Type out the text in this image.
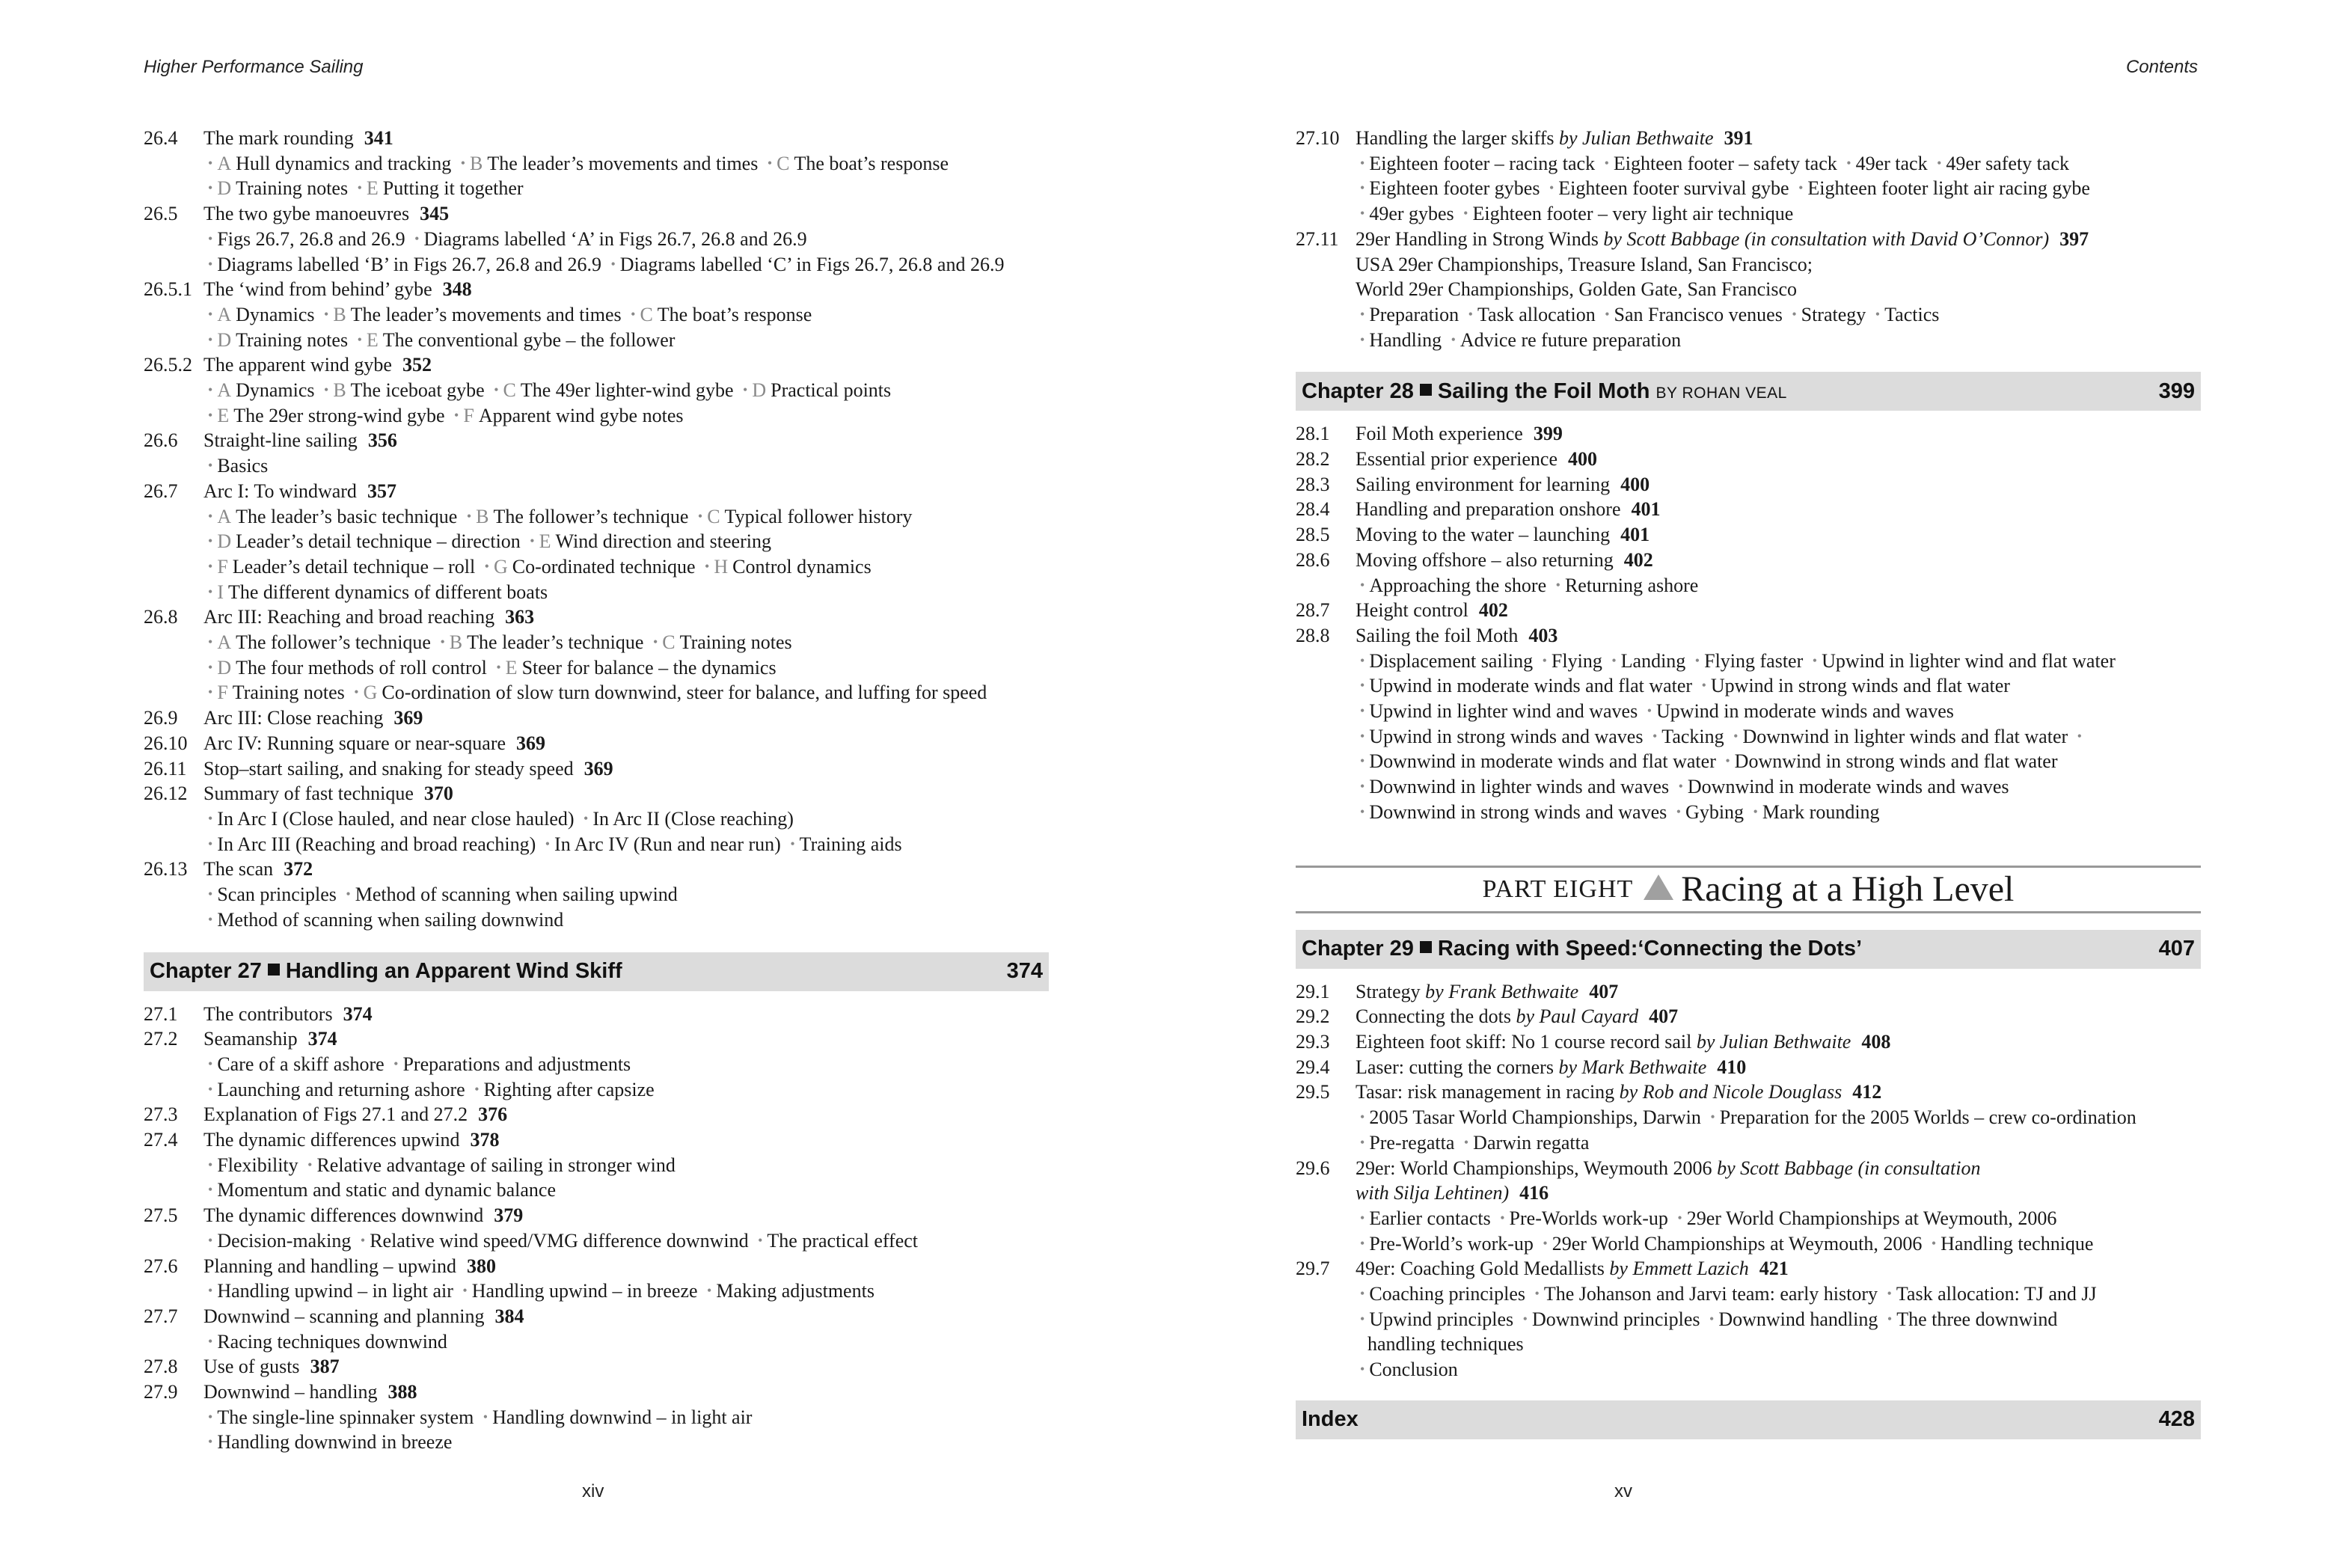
Higher Performance Sailing
26.4	The mark rounding 341
• A Hull dynamics and tracking • B The leader’s movements and times • C The boat’s response
• D Training notes • E Putting it together
26.5	The two gybe manoeuvres 345
• Figs 26.7, 26.8 and 26.9 • Diagrams labelled ‘A’ in Figs 26.7, 26.8 and 26.9
• Diagrams labelled ‘B’ in Figs 26.7, 26.8 and 26.9 • Diagrams labelled ‘C’ in Figs 26.7, 26.8 and 26.9
26.5.1 The ‘wind from behind’ gybe 348
• A Dynamics • B The leader’s movements and times • C The boat’s response
• D Training notes • E The conventional gybe – the follower
26.5.2 The apparent wind gybe 352
• A Dynamics • B The iceboat gybe • C The 49er lighter-wind gybe • D Practical points
• E The 29er strong-wind gybe • F Apparent wind gybe notes
26.6	Straight-line sailing 356
• Basics
26.7	Arc I: To windward 357
• A The leader’s basic technique • B The follower’s technique • C Typical follower history
• D Leader’s detail technique – direction • E Wind direction and steering
• F Leader’s detail technique – roll • G Co-ordinated technique • H Control dynamics
• I The different dynamics of different boats
26.8	Arc III: Reaching and broad reaching 363
• A The follower’s technique • B The leader’s technique • C Training notes
• D The four methods of roll control • E Steer for balance – the dynamics
• F Training notes • G Co-ordination of slow turn downwind, steer for balance, and luffing for speed
26.9	Arc III: Close reaching 369
26.10 Arc IV: Running square or near-square 369
26.11 Stop–start sailing, and snaking for steady speed 369
26.12 Summary of fast technique 370
• In Arc I (Close hauled, and near close hauled) • In Arc II (Close reaching)
• In Arc III (Reaching and broad reaching) • In Arc IV (Run and near run) • Training aids
26.13 The scan 372
• Scan principles • Method of scanning when sailing upwind
• Method of scanning when sailing downwind
Chapter 27 Handling an Apparent Wind Skiff	374
27.1	The contributors 374
27.2	Seamanship 374
• Care of a skiff ashore • Preparations and adjustments
• Launching and returning ashore • Righting after capsize
27.3	Explanation of Figs 27.1 and 27.2 376
27.4	The dynamic differences upwind 378
• Flexibility • Relative advantage of sailing in stronger wind
• Momentum and static and dynamic balance
27.5	The dynamic differences downwind 379
• Decision-making • Relative wind speed/VMG difference downwind • The practical effect
27.6	Planning and handling – upwind 380
• Handling upwind – in light air • Handling upwind – in breeze • Making adjustments
27.7	Downwind – scanning and planning 384
• Racing techniques downwind
27.8	Use of gusts 387
27.9	Downwind – handling 388
• The single-line spinnaker system • Handling downwind – in light air
• Handling downwind in breeze
xiv
Contents
27.10 Handling the larger skiffs by Julian Bethwaite 391
• Eighteen footer – racing tack • Eighteen footer – safety tack • 49er tack • 49er safety tack
• Eighteen footer gybes • Eighteen footer survival gybe • Eighteen footer light air racing gybe
• 49er gybes • Eighteen footer – very light air technique
27.11 29er Handling in Strong Winds by Scott Babbage (in consultation with David O’Connor) 397
USA 29er Championships, Treasure Island, San Francisco;
World 29er Championships, Golden Gate, San Francisco
• Preparation • Task allocation • San Francisco venues • Strategy • Tactics
• Handling • Advice re future preparation
Chapter 28 Sailing the Foil Moth BY ROHAN VEAL	399
28.1	Foil Moth experience 399
28.2	Essential prior experience 400
28.3	Sailing environment for learning 400
28.4	Handling and preparation onshore 401
28.5	Moving to the water – launching 401
28.6	Moving offshore – also returning 402
• Approaching the shore • Returning ashore
28.7	Height control 402
28.8	Sailing the foil Moth 403
• Displacement sailing • Flying • Landing • Flying faster • Upwind in lighter wind and flat water
• Upwind in moderate winds and flat water • Upwind in strong winds and flat water
• Upwind in lighter wind and waves • Upwind in moderate winds and waves
• Upwind in strong winds and waves • Tacking • Downwind in lighter winds and flat water •
• Downwind in moderate winds and flat water • Downwind in strong winds and flat water
• Downwind in lighter winds and waves • Downwind in moderate winds and waves
• Downwind in strong winds and waves • Gybing • Mark rounding
PART EIGHT Racing at a High Level
Chapter 29 Racing with Speed:‘Connecting the Dots’	407
29.1	Strategy by Frank Bethwaite 407
29.2	Connecting the dots by Paul Cayard 407
29.3	Eighteen foot skiff: No 1 course record sail by Julian Bethwaite 408
29.4	Laser: cutting the corners by Mark Bethwaite 410
29.5	Tasar: risk management in racing by Rob and Nicole Douglass 412
• 2005 Tasar World Championships, Darwin • Preparation for the 2005 Worlds – crew co-ordination
• Pre-regatta • Darwin regatta
29.6	29er: World Championships, Weymouth 2006 by Scott Babbage (in consultation
with Silja Lehtinen) 416
• Earlier contacts • Pre-Worlds work-up • 29er World Championships at Weymouth, 2006
• Pre-World’s work-up • 29er World Championships at Weymouth, 2006 • Handling technique
29.7	49er: Coaching Gold Medallists by Emmett Lazich 421
• Coaching principles • The Johanson and Jarvi team: early history • Task allocation: TJ and JJ
• Upwind principles • Downwind principles • Downwind handling • The three downwind
handling techniques
• Conclusion
Index	428
xv
